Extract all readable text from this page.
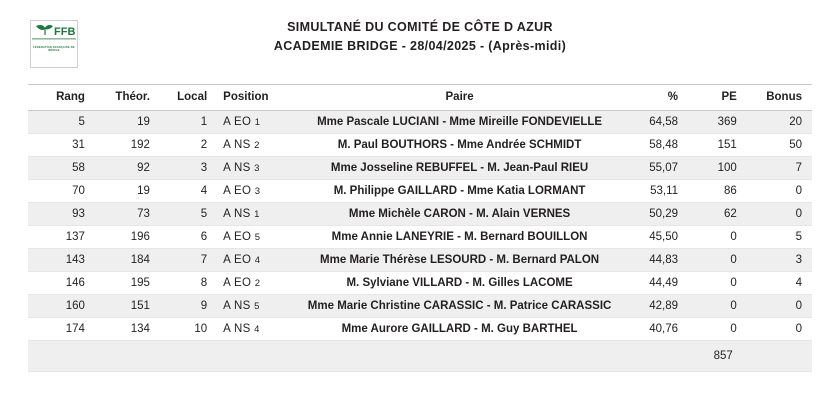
FFB
FÉDÉRATION FRANÇAISE DE BRIDGE
SIMULTANÉ DU COMITÉ DE CÔTE D AZUR
ACADEMIE BRIDGE - 28/04/2025 - (Après-midi)
Rang	Théor.	Local	Position	Paire	%	PE	Bonus
5	19	1	A EO 1	Mme Pascale LUCIANI - Mme Mireille FONDEVIELLE	64,58	369	20
31	192	2	A NS 2	M. Paul BOUTHORS - Mme Andrée SCHMIDT	58,48	151	50
58	92	3	A NS 3	Mme Josseline REBUFFEL - M. Jean-Paul RIEU	55,07	100	7
70	19	4	A EO 3	M. Philippe GAILLARD - Mme Katia LORMANT	53,11	86	0
93	73	5	A NS 1	Mme Michèle CARON - M. Alain VERNES	50,29	62	0
137	196	6	A EO 5	Mme Annie LANEYRIE - M. Bernard BOUILLON	45,50	0	5
143	184	7	A EO 4	Mme Marie Thérèse LESOURD - M. Bernard PALON	44,83	0	3
146	195	8	A EO 2	M. Sylviane VILLARD - M. Gilles LACOME	44,49	0	4
160	151	9	A NS 5	Mme Marie Christine CARASSIC - M. Patrice CARASSIC	42,89	0	0
174	134	10	A NS 4	Mme Aurore GAILLARD - M. Guy BARTHEL	40,76	0	0
						857	
